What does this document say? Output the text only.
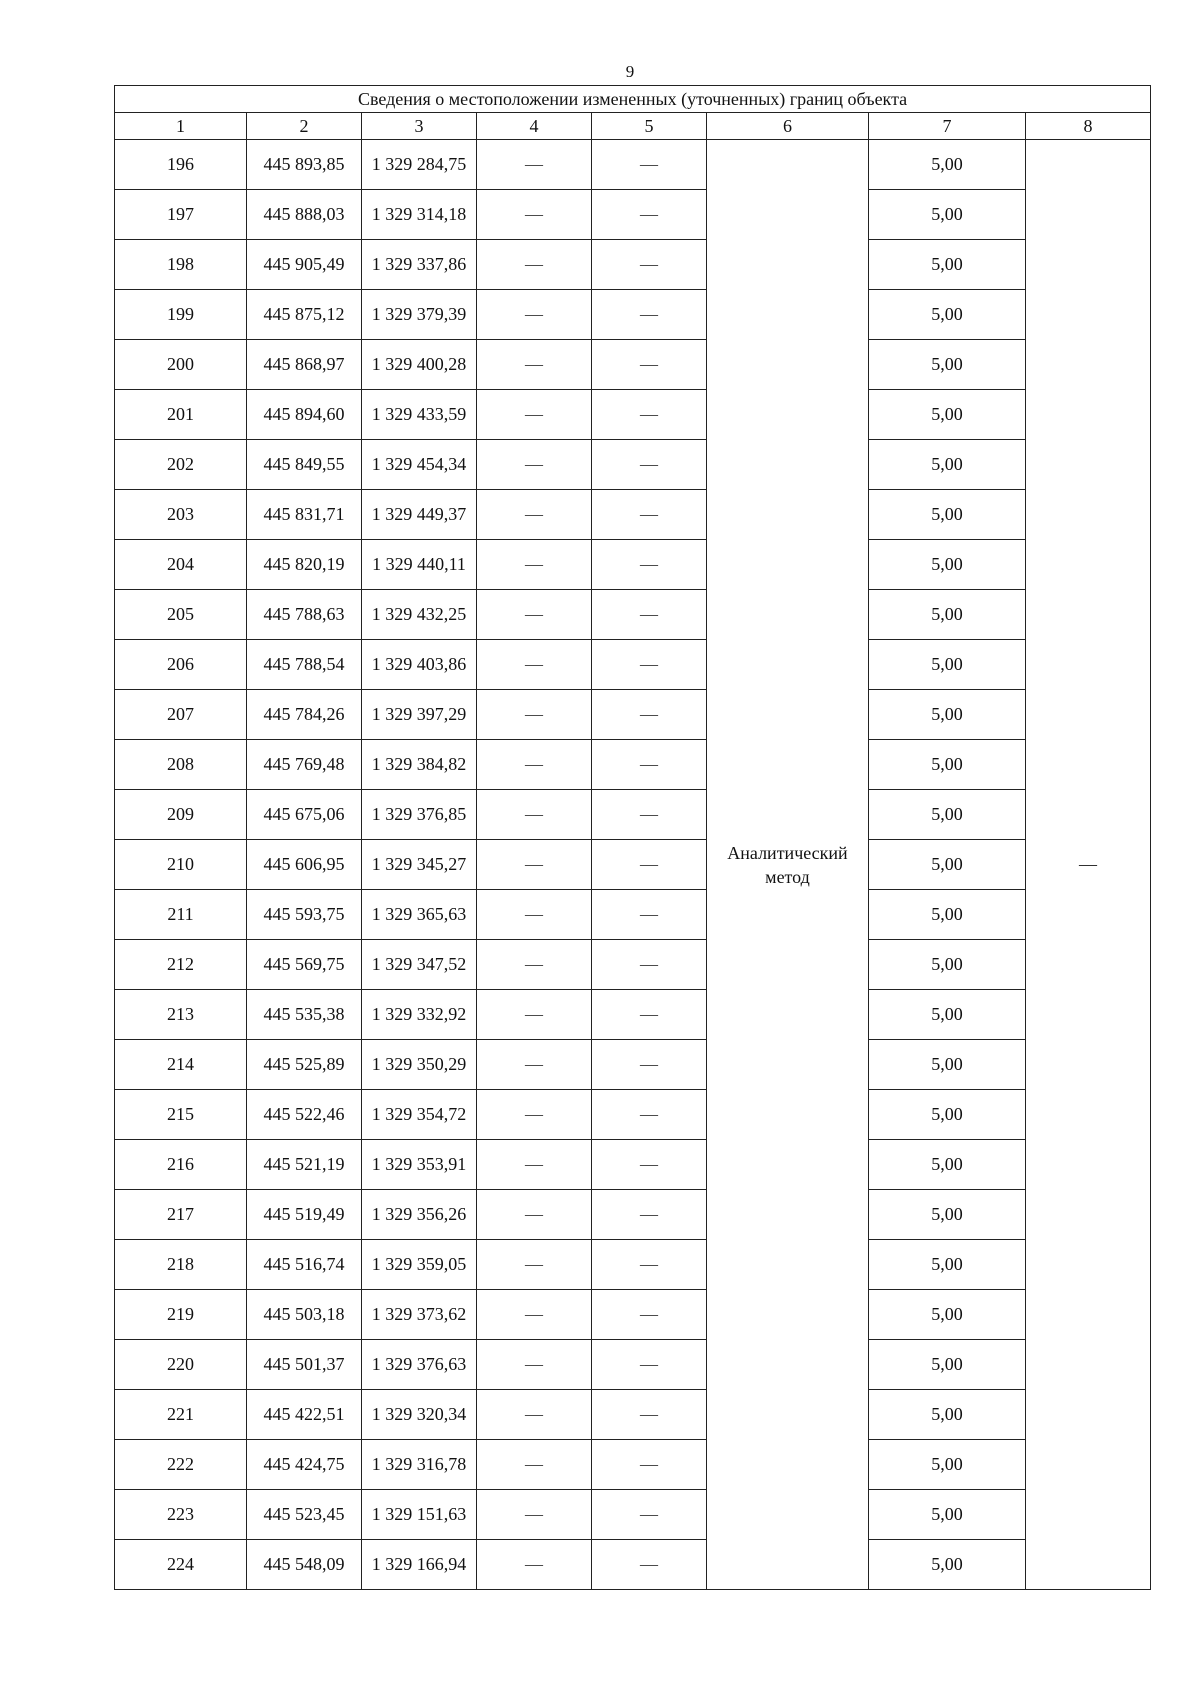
9
Сведения о местоположении измененных (уточненных) границ объекта							
1	2	3	4	5	6	7	8
196	445 893,85	1 329 284,75	—	—	Аналитический метод	5,00	—
197	445 888,03	1 329 314,18	—	—		5,00	
198	445 905,49	1 329 337,86	—	—		5,00	
199	445 875,12	1 329 379,39	—	—		5,00	
200	445 868,97	1 329 400,28	—	—		5,00	
201	445 894,60	1 329 433,59	—	—		5,00	
202	445 849,55	1 329 454,34	—	—		5,00	
203	445 831,71	1 329 449,37	—	—		5,00	
204	445 820,19	1 329 440,11	—	—		5,00	
205	445 788,63	1 329 432,25	—	—		5,00	
206	445 788,54	1 329 403,86	—	—		5,00	
207	445 784,26	1 329 397,29	—	—		5,00	
208	445 769,48	1 329 384,82	—	—		5,00	
209	445 675,06	1 329 376,85	—	—		5,00	
210	445 606,95	1 329 345,27	—	—		5,00	
211	445 593,75	1 329 365,63	—	—		5,00	
212	445 569,75	1 329 347,52	—	—		5,00	
213	445 535,38	1 329 332,92	—	—		5,00	
214	445 525,89	1 329 350,29	—	—		5,00	
215	445 522,46	1 329 354,72	—	—		5,00	
216	445 521,19	1 329 353,91	—	—		5,00	
217	445 519,49	1 329 356,26	—	—		5,00	
218	445 516,74	1 329 359,05	—	—		5,00	
219	445 503,18	1 329 373,62	—	—		5,00	
220	445 501,37	1 329 376,63	—	—		5,00	
221	445 422,51	1 329 320,34	—	—		5,00	
222	445 424,75	1 329 316,78	—	—		5,00	
223	445 523,45	1 329 151,63	—	—		5,00	
224	445 548,09	1 329 166,94	—	—		5,00	
